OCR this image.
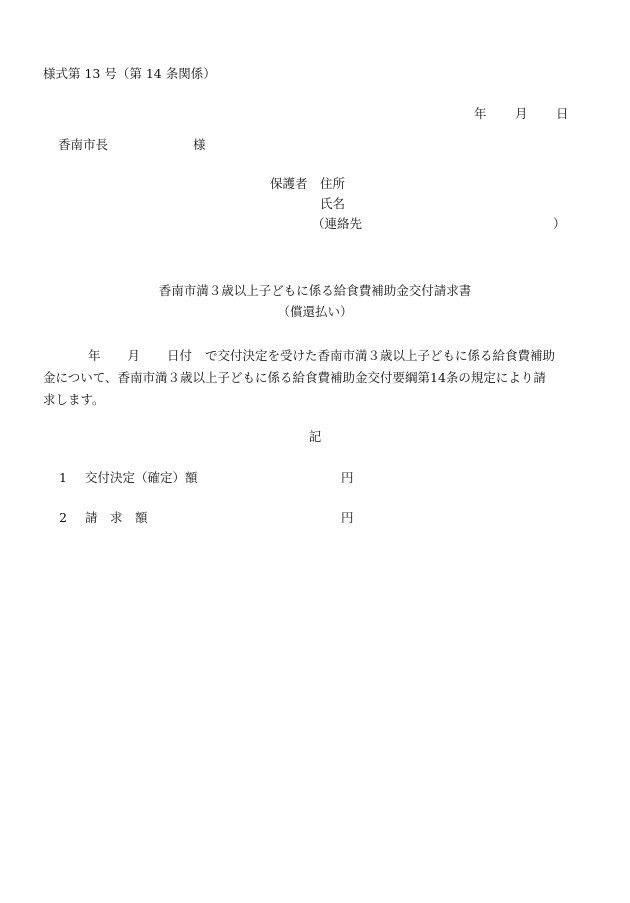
様式第 13 号（第 14 条関係）
年 月 日
香南市長	様
保護者 住所
氏名
（連絡先	）
香南市満３歳以上子どもに係る給食費補助金交付請求書
（償還払い）
年 月 日付 で交付決定を受けた香南市満３歳以上子どもに係る給食費補助
金について、香南市満３歳以上子どもに係る給食費補助金交付要綱第14条の規定により請
求します。
記
1 交付決定（確定）額	円
2 請　求　額	円
